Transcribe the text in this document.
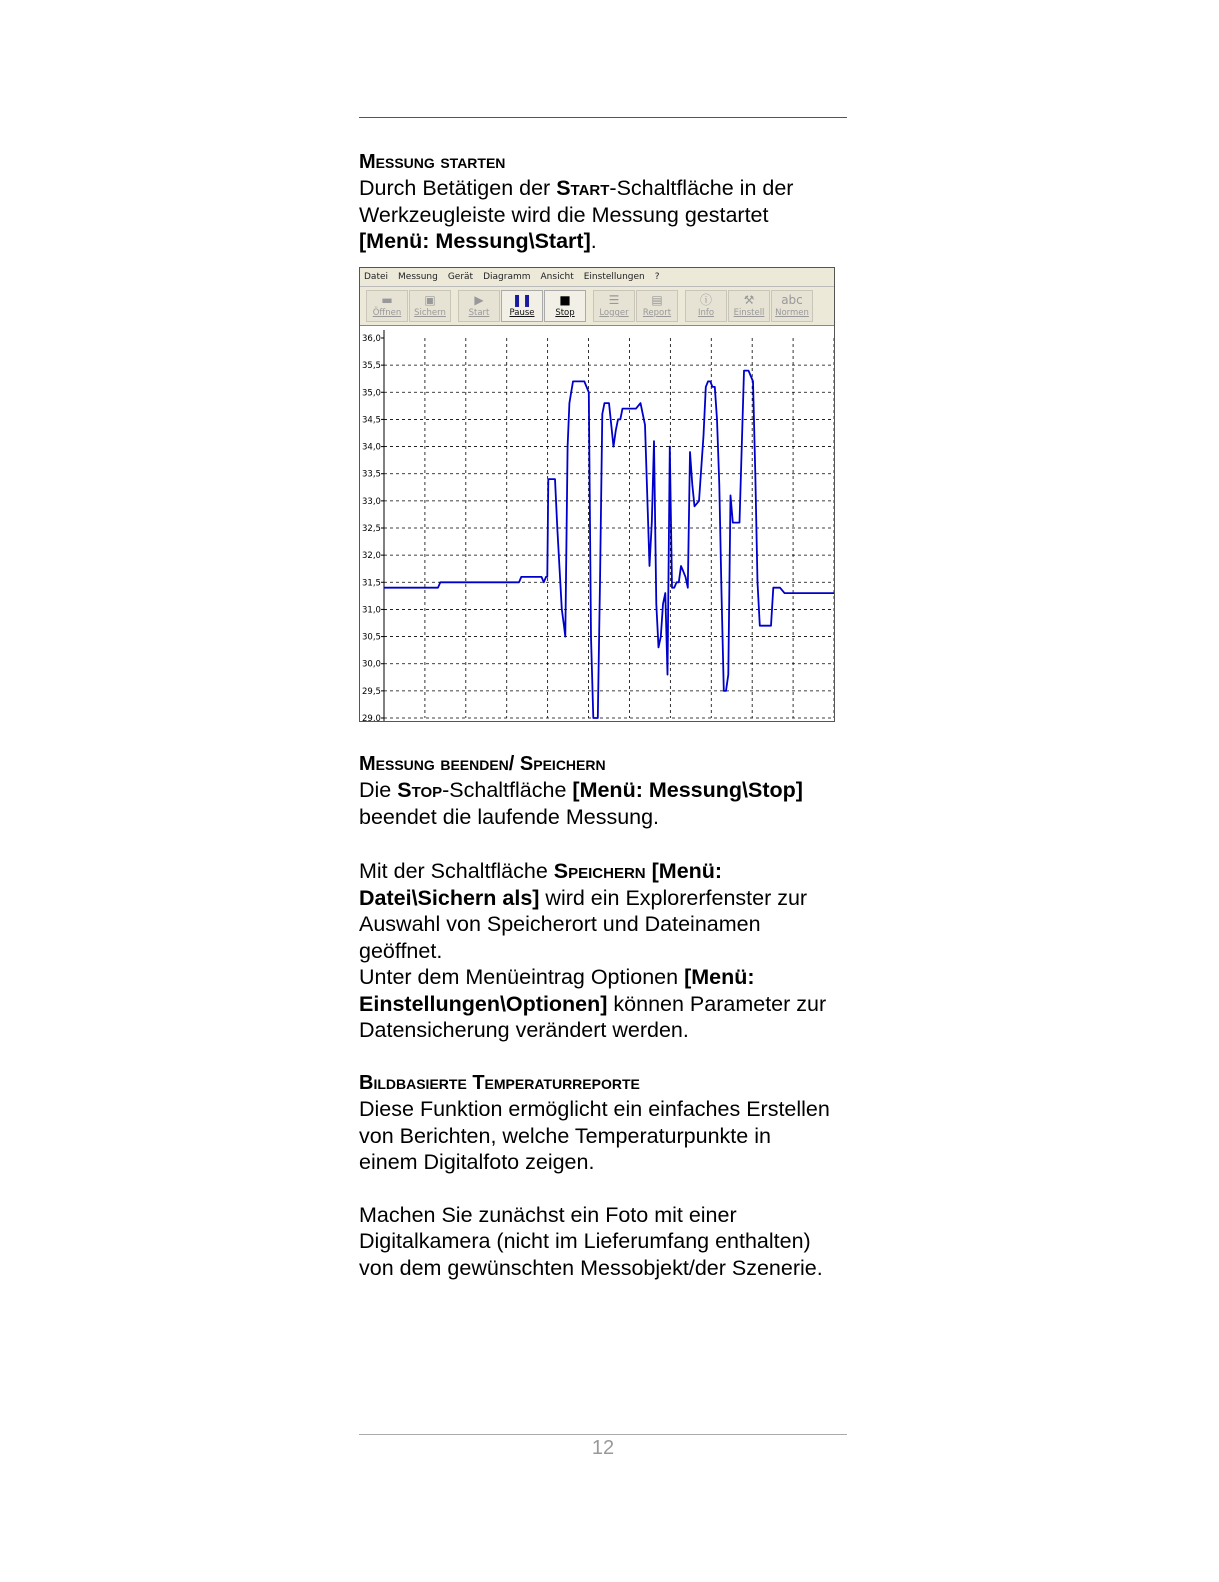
Messung starten

Durch Betätigen der Start-Schaltfläche in der Werkzeugleiste wird die Messung gestartet [Menü: Messung\Start].

Datei Messung Gerät Diagramm Ansicht Einstellungen ?
▬
Öffnen
▣
Sichern
▶
Start
❚❚
Pause
■
Stop
☰
Logger
▤
Report
ⓘ
Info
⚒
Einstell
abc
Normen
36,0
35,5
35,0
34,5
34,0
33,5
33,0
32,5
32,0
31,5
31,0
30,5
30,0
29,5
29,0
Messung beenden/ Speichern

Die Stop-Schaltfläche [Menü: Messung\Stop] beendet die laufende Messung.

Mit der Schaltfläche Speichern [Menü: Datei\Sichern als] wird ein Explorerfenster zur Auswahl von Speicherort und Dateinamen geöffnet.

Unter dem Menüeintrag Optionen [Menü: Einstellungen\Optionen] können Parameter zur Datensicherung verändert werden.

Bildbasierte Temperaturreporte

Diese Funktion ermöglicht ein einfaches Erstellen von Berichten, welche Temperaturpunkte in einem Digitalfoto zeigen.

Machen Sie zunächst ein Foto mit einer Digitalkamera (nicht im Lieferumfang enthalten) von dem gewünschten Messobjekt/der Szenerie.

12
